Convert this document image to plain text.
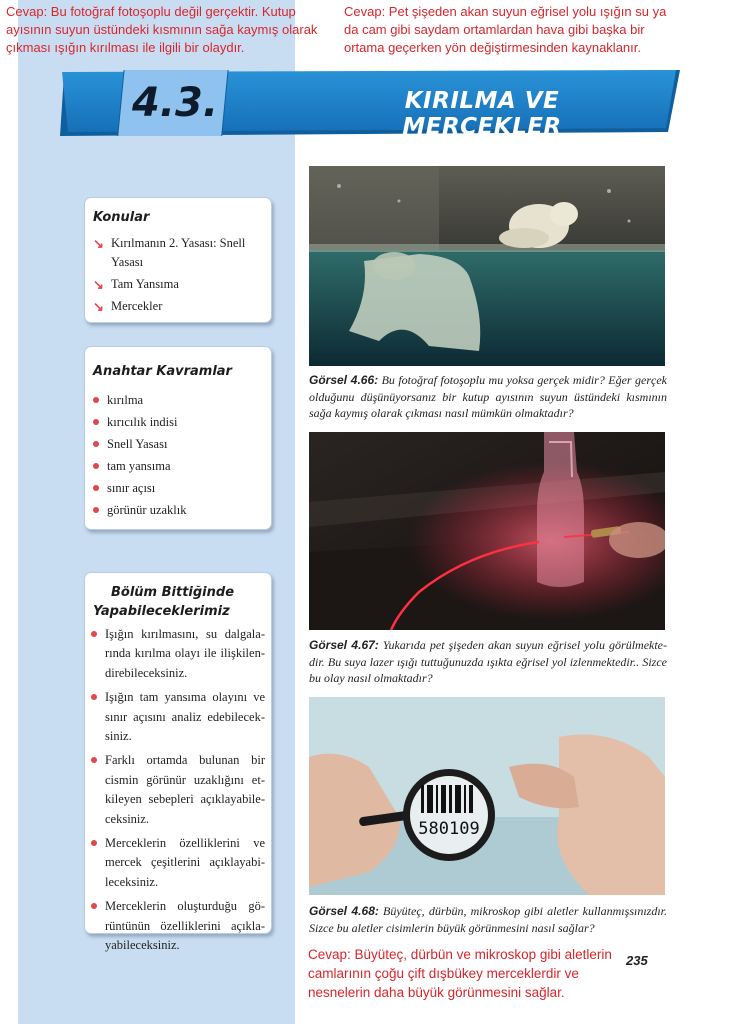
Cevap: Bu fotoğraf fotoşoplu değil gerçektir. Kutup ayısının suyun üstündeki kısmının sağa kaymış olarak çıkması ışığın kırılması ile ilgili bir olaydır.
Cevap: Pet şişeden akan suyun eğrisel yolu ışığın su ya da cam gibi saydam ortamlardan hava gibi başka bir ortama geçerken yön değiştirmesinden kaynaklanır.
4.3.	KIRILMA VE MERCEKLER
Konular
↘ Kırılmanın 2. Yasası: Snell Yasası
↘ Tam Yansıma
↘ Mercekler
Anahtar Kavramlar
kırılma
kırıcılık indisi
Snell Yasası
tam yansıma
sınır açısı
görünür uzaklık
Bölüm Bittiğinde Yapabileceklerimiz
Işığın kırılmasını, su dalgalarında kırılma olayı ile ilişkilendirebileceksiniz.
Işığın tam yansıma olayını ve sınır açısını analiz edebileceksiniz.
Farklı ortamda bulunan bir cismin görünür uzaklığını etkileyen sebepleri açıklayabileceksiniz.
Merceklerin özelliklerini ve mercek çeşitlerini açıklayabileceksiniz.
Merceklerin oluşturduğu görüntünün özelliklerini açıklayabileceksiniz.
Görsel 4.66: Bu fotoğraf fotoşoplu mu yoksa gerçek midir? Eğer gerçek olduğunu düşünüyorsanız bir kutup ayısının suyun üstündeki kısmının sağa kaymış olarak çıkması nasıl mümkün olmaktadır?
Görsel 4.67: Yukarıda pet şişeden akan suyun eğrisel yolu görülmektedir. Bu suya lazer ışığı tuttuğunuzda ışıkta eğrisel yol izlenmektedir.. Sizce bu olay nasıl olmaktadır?
580109
Görsel 4.68: Büyüteç, dürbün, mikroskop gibi aletler kullanmışsınızdır. Sizce bu aletler cisimlerin büyük görünmesini nasıl sağlar?
Cevap: Büyüteç, dürbün ve mikroskop gibi aletlerin camlarının çoğu çift dışbükey merceklerdir ve nesnelerin daha büyük görünmesini sağlar.
235
